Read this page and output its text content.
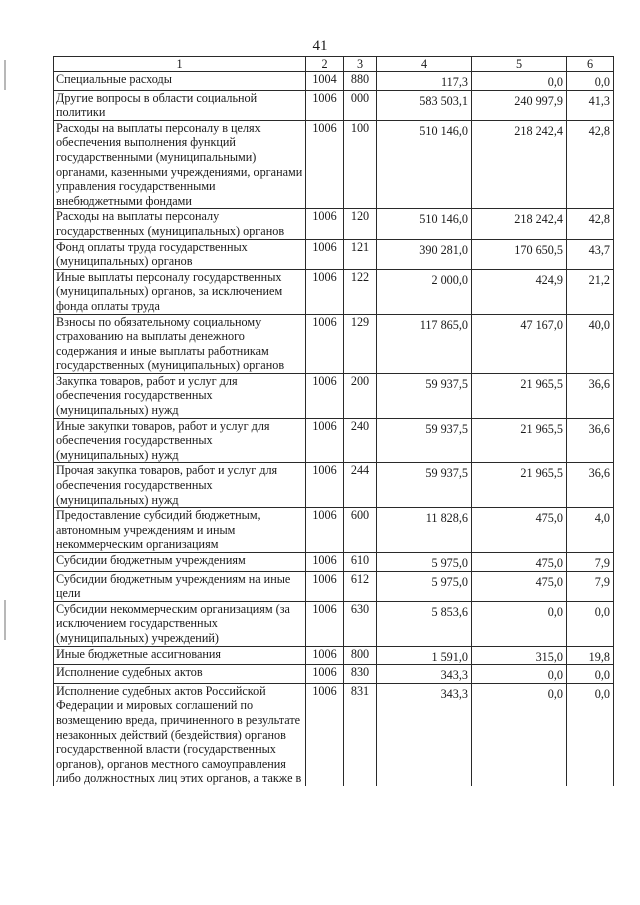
41
1	2	3	4	5	6
Специальные расходы	1004	880	117,3	0,0	0,0
Другие вопросы в области социальной политики	1006	000	583 503,1	240 997,9	41,3
Расходы на выплаты персоналу в целях обеспечения выполнения функций государственными (муниципальными) органами, казенными учреждениями, органами управления государственными внебюджетными фондами	1006	100	510 146,0	218 242,4	42,8
Расходы на выплаты персоналу государственных (муниципальных) органов	1006	120	510 146,0	218 242,4	42,8
Фонд оплаты труда государственных (муниципальных) органов	1006	121	390 281,0	170 650,5	43,7
Иные выплаты персоналу государственных (муниципальных) органов, за исключением фонда оплаты труда	1006	122	2 000,0	424,9	21,2
Взносы по обязательному социальному страхованию на выплаты денежного содержания и иные выплаты работникам государственных (муниципальных) органов	1006	129	117 865,0	47 167,0	40,0
Закупка товаров, работ и услуг для обеспечения государственных (муниципальных) нужд	1006	200	59 937,5	21 965,5	36,6
Иные закупки товаров, работ и услуг для обеспечения государственных (муниципальных) нужд	1006	240	59 937,5	21 965,5	36,6
Прочая закупка товаров, работ и услуг для обеспечения государственных (муниципальных) нужд	1006	244	59 937,5	21 965,5	36,6
Предоставление субсидий бюджетным, автономным учреждениям и иным некоммерческим организациям	1006	600	11 828,6	475,0	4,0
Субсидии бюджетным учреждениям	1006	610	5 975,0	475,0	7,9
Субсидии бюджетным учреждениям на иные цели	1006	612	5 975,0	475,0	7,9
Субсидии некоммерческим организациям (за исключением государственных (муниципальных) учреждений)	1006	630	5 853,6	0,0	0,0
Иные бюджетные ассигнования	1006	800	1 591,0	315,0	19,8
Исполнение судебных актов	1006	830	343,3	0,0	0,0
Исполнение судебных актов Российской Федерации и мировых соглашений по возмещению вреда, причиненного в результате незаконных действий (бездействия) органов государственной власти (государственных органов), органов местного самоуправления либо должностных лиц этих органов, а также в	1006	831	343,3	0,0	0,0
